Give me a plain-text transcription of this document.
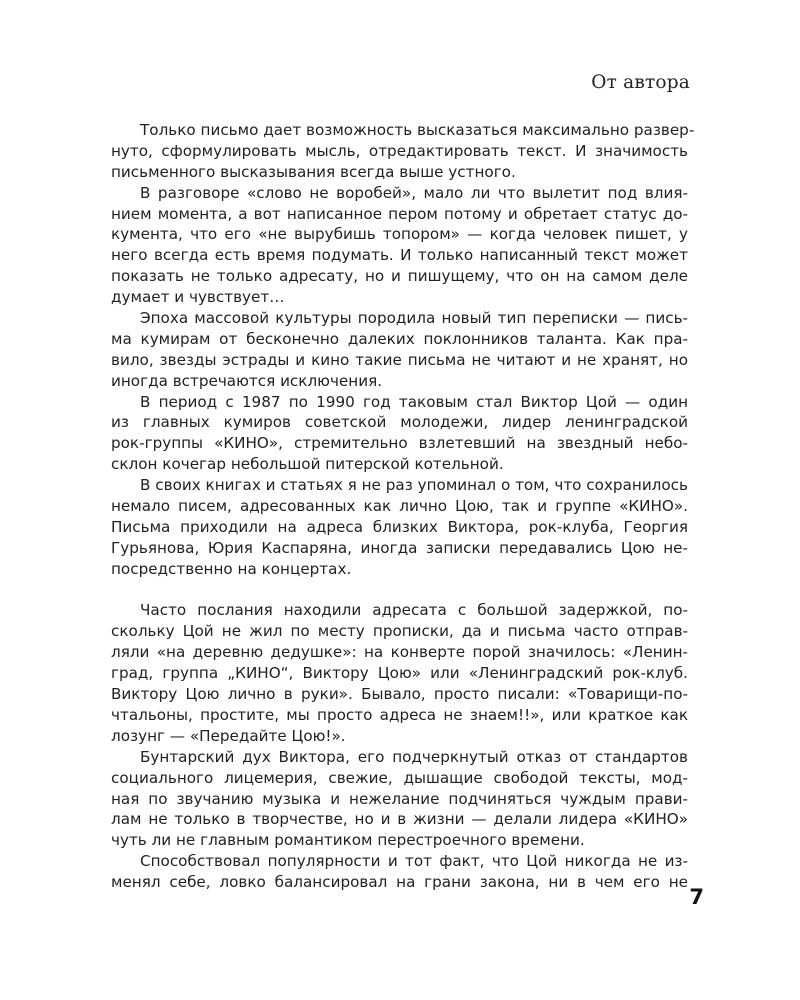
От автора
Только письмо дает возможность высказаться максимально развер-
нуто, сформулировать мысль, отредактировать текст. И значимость
письменного высказывания всегда выше устного.
В разговоре «слово не воробей», мало ли что вылетит под влия-
нием момента, а вот написанное пером потому и обретает статус до-
кумента, что его «не вырубишь топором» — когда человек пишет, у
него всегда есть время подумать. И только написанный текст может
показать не только адресату, но и пишущему, что он на самом деле
думает и чувствует…
Эпоха массовой культуры породила новый тип переписки — пись-
ма кумирам от бесконечно далеких поклонников таланта. Как пра-
вило, звезды эстрады и кино такие письма не читают и не хранят, но
иногда встречаются исключения.
В период с 1987 по 1990 год таковым стал Виктор Цой — один
из главных кумиров советской молодежи, лидер ленинградской
рок-группы «КИНО», стремительно взлетевший на звездный небо-
склон кочегар небольшой питерской котельной.
В своих книгах и статьях я не раз упоминал о том, что сохранилось
немало писем, адресованных как лично Цою, так и группе «КИНО».
Письма приходили на адреса близких Виктора, рок-клуба, Георгия
Гурьянова, Юрия Каспаряна, иногда записки передавались Цою не-
посредственно на концертах.
Часто послания находили адресата с большой задержкой, по-
скольку Цой не жил по месту прописки, да и письма часто отправ-
ляли «на деревню дедушке»: на конверте порой значилось: «Ленин-
град, группа „КИНО“, Виктору Цою» или «Ленинградский рок-клуб.
Виктору Цою лично в руки». Бывало, просто писали: «Товарищи-по-
чтальоны, простите, мы просто адреса не знаем!!», или краткое как
лозунг — «Передайте Цою!».
Бунтарский дух Виктора, его подчеркнутый отказ от стандартов
социального лицемерия, свежие, дышащие свободой тексты, мод-
ная по звучанию музыка и нежелание подчиняться чуждым прави-
лам не только в творчестве, но и в жизни — делали лидера «КИНО»
чуть ли не главным романтиком перестроечного времени.
Способствовал популярности и тот факт, что Цой никогда не из-
менял себе, ловко балансировал на грани закона, ни в чем его не
7
